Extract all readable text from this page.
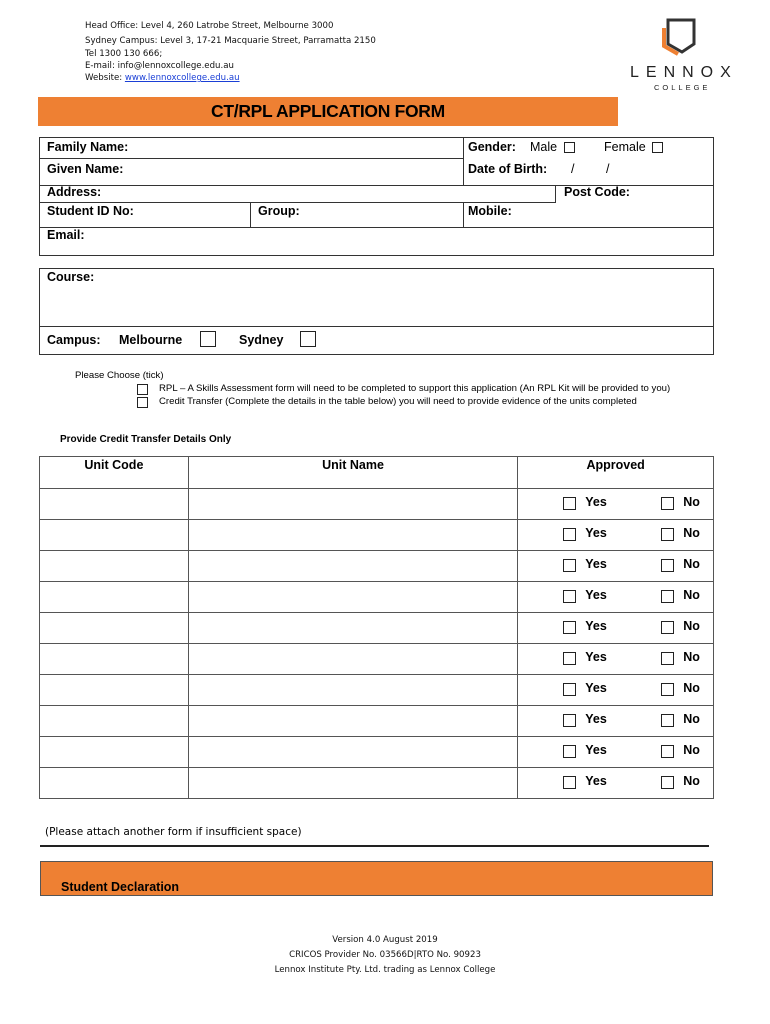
Head Office: Level 4, 260 Latrobe Street, Melbourne 3000
Sydney Campus: Level 3, 17-21 Macquarie Street, Parramatta 2150
Tel 1300 130 666;
E-mail: info@lennoxcollege.edu.au
Website: www.lennoxcollege.edu.au	LENNOX
COLLEGE
CT/RPL APPLICATION FORM
Family Name:	Gender: Male	Female
Given Name:	Date of Birth: /	/
Address:	Post Code:
Student ID No:	Group:	Mobile:
Email:
Course:
Campus: Melbourne	Sydney
Please Choose (tick)
RPL – A Skills Assessment form will need to be completed to support this application (An RPL Kit will be provided to you)
Credit Transfer (Complete the details in the table below) you will need to provide evidence of the units completed
Provide Credit Transfer Details Only
Unit Code	Unit Name	Approved

		Yes No

		Yes No

		Yes No

		Yes No

		Yes No

		Yes No

		Yes No

		Yes No

		Yes No

		Yes No
(Please attach another form if insufficient space)
Student Declaration
Version 4.0 August 2019
CRICOS Provider No. 03566D|RTO No. 90923
Lennox Institute Pty. Ltd. trading as Lennox College
